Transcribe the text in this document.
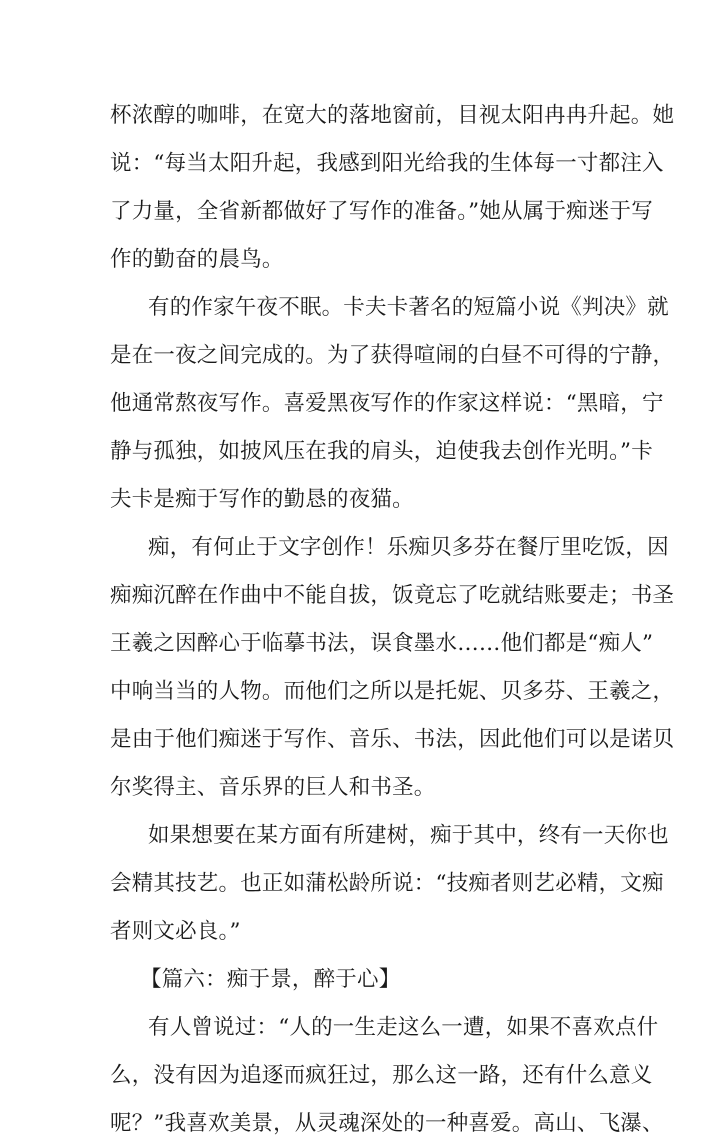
杯浓醇的咖啡，在宽大的落地窗前，目视太阳冉冉升起。她
说：“每当太阳升起，我感到阳光给我的生体每一寸都注入
了力量，全省新都做好了写作的准备。”她从属于痴迷于写
作的勤奋的晨鸟。
有的作家午夜不眠。卡夫卡著名的短篇小说《判决》就
是在一夜之间完成的。为了获得喧闹的白昼不可得的宁静，
他通常熬夜写作。喜爱黑夜写作的作家这样说：“黑暗，宁
静与孤独，如披风压在我的肩头，迫使我去创作光明。”卡
夫卡是痴于写作的勤恳的夜猫。
痴，有何止于文字创作！乐痴贝多芬在餐厅里吃饭，因
痴痴沉醉在作曲中不能自拔，饭竟忘了吃就结账要走；书圣
王羲之因醉心于临摹书法，误食墨水……他们都是“痴人”
中响当当的人物。而他们之所以是托妮、贝多芬、王羲之，
是由于他们痴迷于写作、音乐、书法，因此他们可以是诺贝
尔奖得主、音乐界的巨人和书圣。
如果想要在某方面有所建树，痴于其中，终有一天你也
会精其技艺。也正如蒲松龄所说：“技痴者则艺必精，文痴
者则文必良。”
【篇六：痴于景，醉于心】
有人曾说过：“人的一生走这么一遭，如果不喜欢点什
么，没有因为追逐而疯狂过，那么这一路，还有什么意义
呢？”我喜欢美景，从灵魂深处的一种喜爱。高山、飞瀑、
